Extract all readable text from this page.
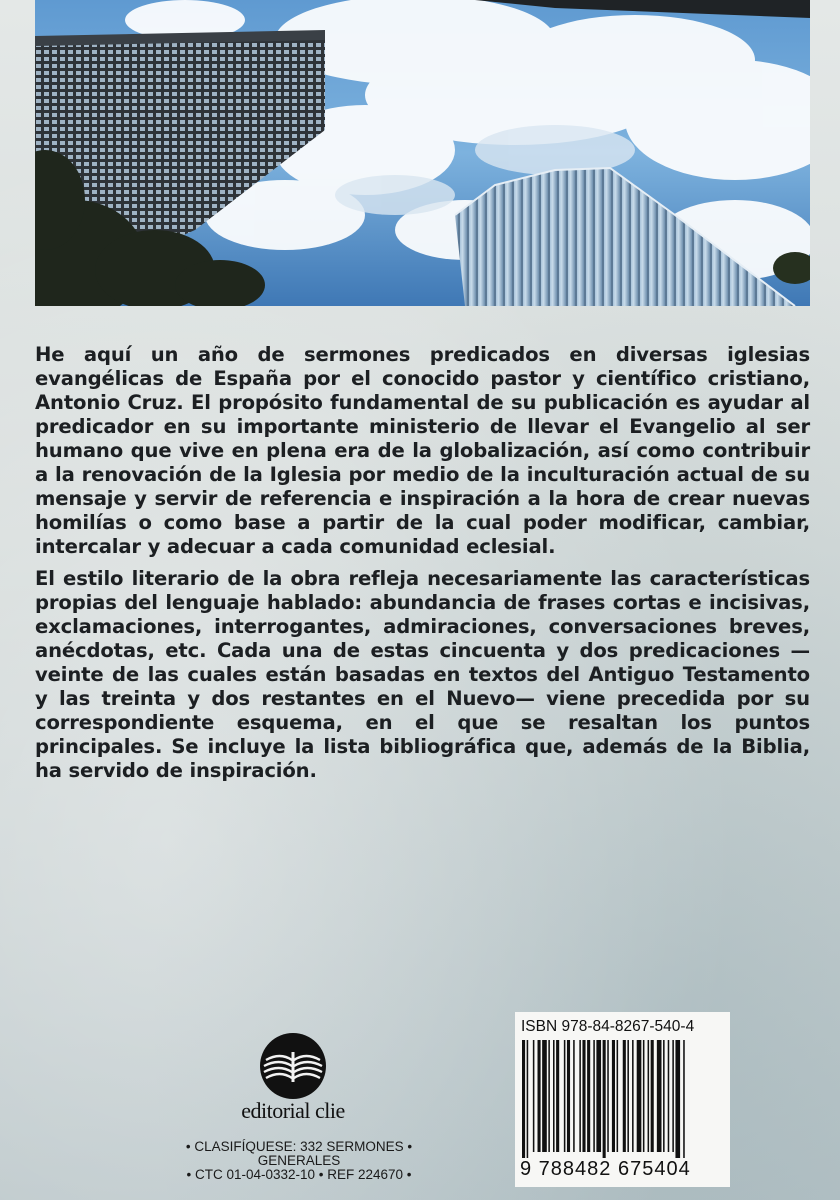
He aquí un año de sermones predicados en diversas iglesias evangélicas de España por el conocido pastor y científico cristiano, Antonio Cruz. El propósito fundamental de su publicación es ayudar al predicador en su importante ministerio de llevar el Evangelio al ser humano que vive en plena era de la globalización, así como contribuir a la renovación de la Iglesia por medio de la inculturación actual de su mensaje y servir de referencia e inspiración a la hora de crear nuevas homilías o como base a partir de la cual poder modificar, cambiar, intercalar y adecuar a cada comunidad eclesial.

El estilo literario de la obra refleja necesariamente las características propias del lenguaje hablado: abundancia de frases cortas e incisivas, exclamaciones, interrogantes, admiraciones, conversaciones breves, anécdotas, etc. Cada una de estas cincuenta y dos predicaciones —veinte de las cuales están basadas en textos del Antiguo Testamento y las treinta y dos restantes en el Nuevo— viene precedida por su correspondiente esquema, en el que se resaltan los puntos principales. Se incluye la lista bibliográfica que, además de la Biblia, ha servido de inspiración.

editorial clie
• CLASIFÍQUESE: 332 SERMONES •
GENERALES
• CTC 01-04-0332-10 • REF 224670 •
ISBN 978-84-8267-540-4
9 788482 675404
